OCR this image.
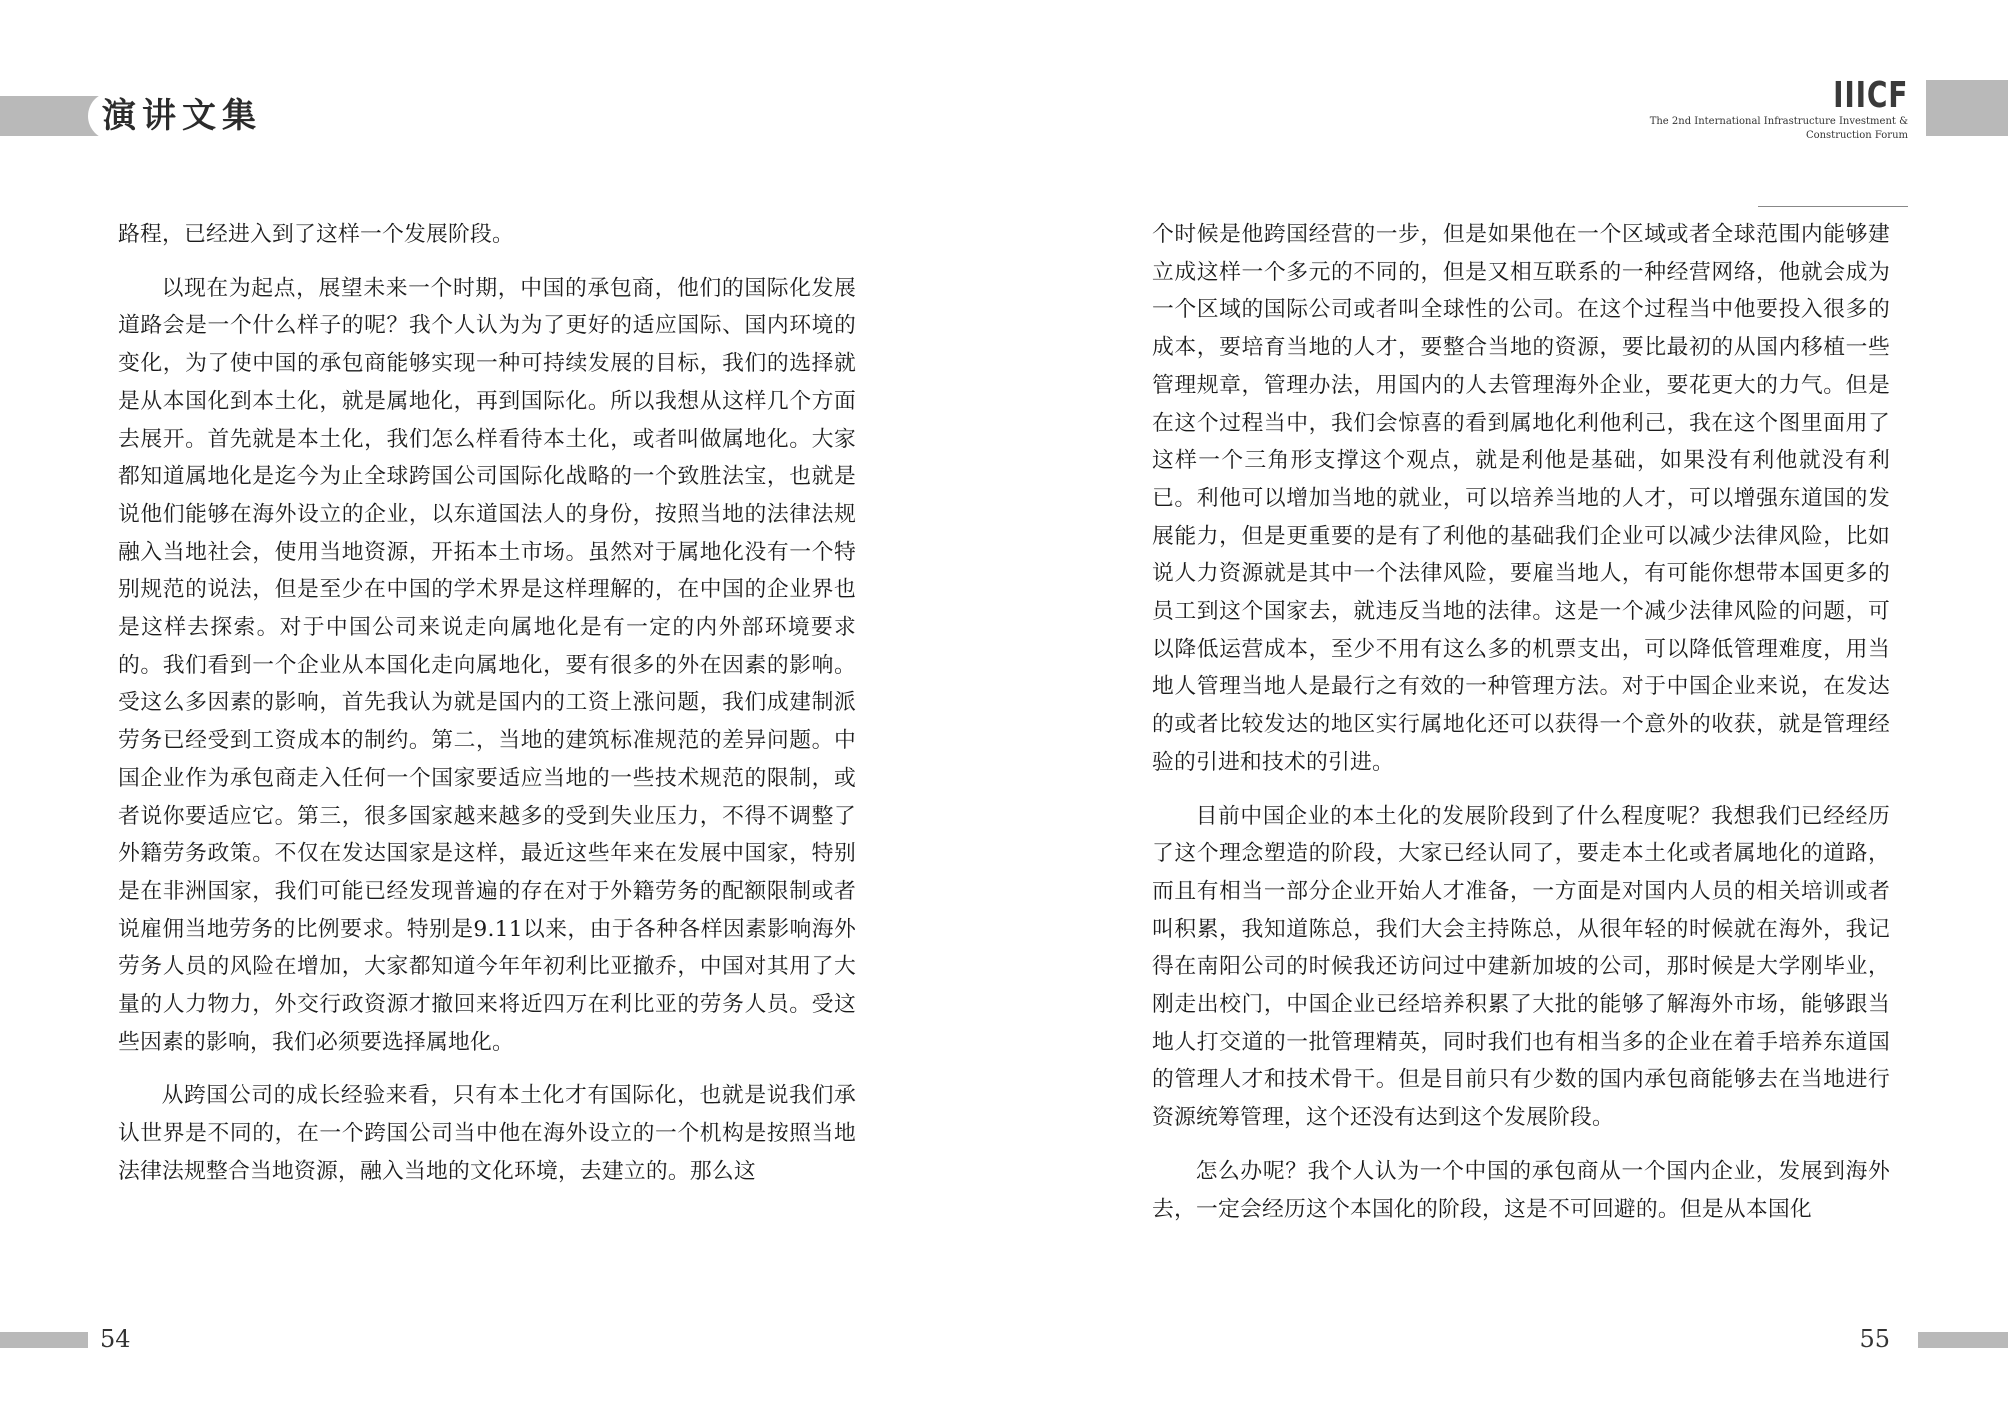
演讲文集	IIICF
The 2nd International Infrastructure Investment &
Construction Forum

路程，已经进入到了这样一个发展阶段。

以现在为起点，展望未来一个时期，中国的承包商，他们的国际化发展道路会是一个什么样子的呢？我个人认为为了更好的适应国际、国内环境的变化，为了使中国的承包商能够实现一种可持续发展的目标，我们的选择就是从本国化到本土化，就是属地化，再到国际化。所以我想从这样几个方面去展开。首先就是本土化，我们怎么样看待本土化，或者叫做属地化。大家都知道属地化是迄今为止全球跨国公司国际化战略的一个致胜法宝，也就是说他们能够在海外设立的企业，以东道国法人的身份，按照当地的法律法规融入当地社会，使用当地资源，开拓本土市场。虽然对于属地化没有一个特别规范的说法，但是至少在中国的学术界是这样理解的，在中国的企业界也是这样去探索。对于中国公司来说走向属地化是有一定的内外部环境要求的。我们看到一个企业从本国化走向属地化，要有很多的外在因素的影响。受这么多因素的影响，首先我认为就是国内的工资上涨问题，我们成建制派劳务已经受到工资成本的制约。第二，当地的建筑标准规范的差异问题。中国企业作为承包商走入任何一个国家要适应当地的一些技术规范的限制，或者说你要适应它。第三，很多国家越来越多的受到失业压力，不得不调整了外籍劳务政策。不仅在发达国家是这样，最近这些年来在发展中国家，特别是在非洲国家，我们可能已经发现普遍的存在对于外籍劳务的配额限制或者说雇佣当地劳务的比例要求。特别是9.11以来，由于各种各样因素影响海外劳务人员的风险在增加，大家都知道今年年初利比亚撤乔，中国对其用了大量的人力物力，外交行政资源才撤回来将近四万在利比亚的劳务人员。受这些因素的影响，我们必须要选择属地化。

从跨国公司的成长经验来看，只有本土化才有国际化，也就是说我们承认世界是不同的，在一个跨国公司当中他在海外设立的一个机构是按照当地法律法规整合当地资源，融入当地的文化环境，去建立的。那么这

个时候是他跨国经营的一步，但是如果他在一个区域或者全球范围内能够建立成这样一个多元的不同的，但是又相互联系的一种经营网络，他就会成为一个区域的国际公司或者叫全球性的公司。在这个过程当中他要投入很多的成本，要培育当地的人才，要整合当地的资源，要比最初的从国内移植一些管理规章，管理办法，用国内的人去管理海外企业，要花更大的力气。但是在这个过程当中，我们会惊喜的看到属地化利他利己，我在这个图里面用了这样一个三角形支撑这个观点，就是利他是基础，如果没有利他就没有利已。利他可以增加当地的就业，可以培养当地的人才，可以增强东道国的发展能力，但是更重要的是有了利他的基础我们企业可以减少法律风险，比如说人力资源就是其中一个法律风险，要雇当地人，有可能你想带本国更多的员工到这个国家去，就违反当地的法律。这是一个减少法律风险的问题，可以降低运营成本，至少不用有这么多的机票支出，可以降低管理难度，用当地人管理当地人是最行之有效的一种管理方法。对于中国企业来说，在发达的或者比较发达的地区实行属地化还可以获得一个意外的收获，就是管理经验的引进和技术的引进。

目前中国企业的本土化的发展阶段到了什么程度呢？我想我们已经经历了这个理念塑造的阶段，大家已经认同了，要走本土化或者属地化的道路，而且有相当一部分企业开始人才准备，一方面是对国内人员的相关培训或者叫积累，我知道陈总，我们大会主持陈总，从很年轻的时候就在海外，我记得在南阳公司的时候我还访问过中建新加坡的公司，那时候是大学刚毕业，刚走出校门，中国企业已经培养积累了大批的能够了解海外市场，能够跟当地人打交道的一批管理精英，同时我们也有相当多的企业在着手培养东道国的管理人才和技术骨干。但是目前只有少数的国内承包商能够去在当地进行资源统筹管理，这个还没有达到这个发展阶段。

怎么办呢？我个人认为一个中国的承包商从一个国内企业，发展到海外去，一定会经历这个本国化的阶段，这是不可回避的。但是从本国化

54	55
